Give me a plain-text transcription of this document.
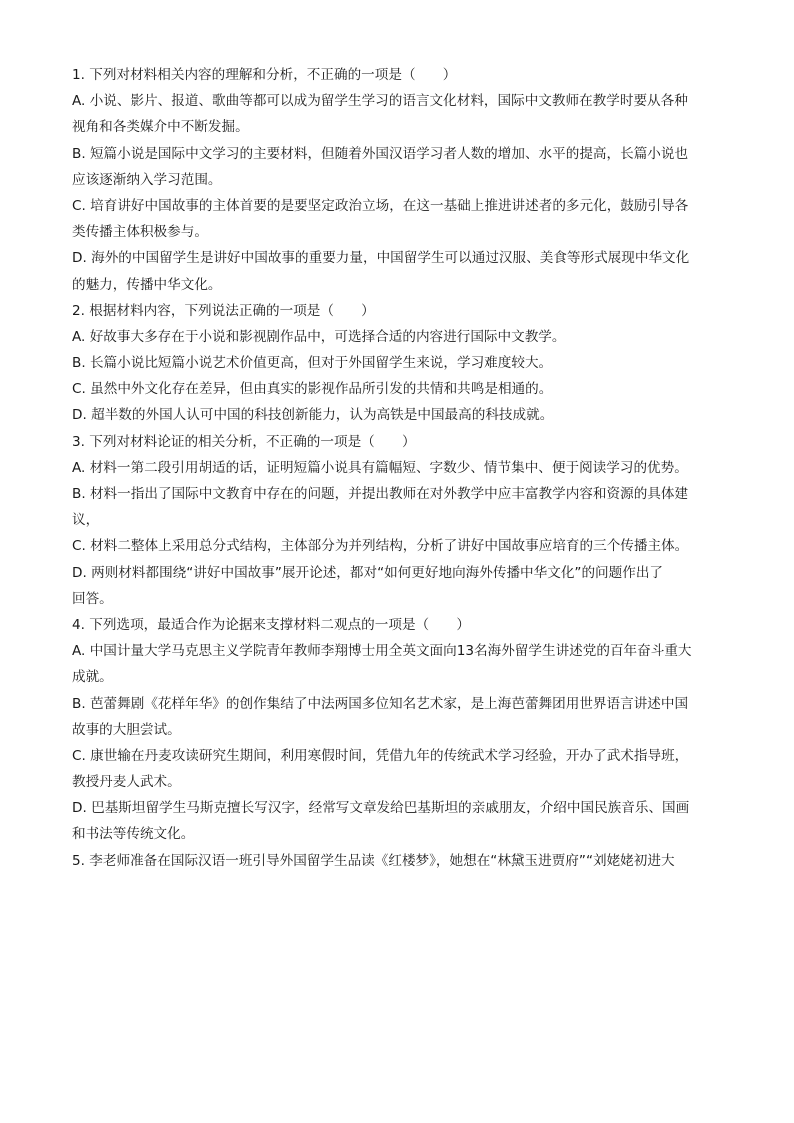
1. 下列对材料相关内容的理解和分析，不正确的一项是（　　）
A. 小说、影片、报道、歌曲等都可以成为留学生学习的语言文化材料，国际中文教师在教学时要从各种
视角和各类媒介中不断发掘。
B. 短篇小说是国际中文学习的主要材料，但随着外国汉语学习者人数的增加、水平的提高，长篇小说也
应该逐渐纳入学习范围。
C. 培育讲好中国故事的主体首要的是要坚定政治立场，在这一基础上推进讲述者的多元化，鼓励引导各
类传播主体积极参与。
D. 海外的中国留学生是讲好中国故事的重要力量，中国留学生可以通过汉服、美食等形式展现中华文化
的魅力，传播中华文化。
2. 根据材料内容，下列说法正确的一项是（　　）
A. 好故事大多存在于小说和影视剧作品中，可选择合适的内容进行国际中文教学。
B. 长篇小说比短篇小说艺术价值更高，但对于外国留学生来说，学习难度较大。
C. 虽然中外文化存在差异，但由真实的影视作品所引发的共情和共鸣是相通的。
D. 超半数的外国人认可中国的科技创新能力，认为高铁是中国最高的科技成就。
3. 下列对材料论证的相关分析，不正确的一项是（　　）
A. 材料一第二段引用胡适的话，证明短篇小说具有篇幅短、字数少、情节集中、便于阅读学习的优势。
B. 材料一指出了国际中文教育中存在的问题，并提出教师在对外教学中应丰富教学内容和资源的具体建
议，
C. 材料二整体上采用总分式结构，主体部分为并列结构，分析了讲好中国故事应培育的三个传播主体。
D. 两则材料都围绕“讲好中国故事”展开论述，都对“如何更好地向海外传播中华文化”的问题作出了
回答。
4. 下列选项，最适合作为论据来支撑材料二观点的一项是（　　）
A. 中国计量大学马克思主义学院青年教师李翔博士用全英文面向13名海外留学生讲述党的百年奋斗重大
成就。
B. 芭蕾舞剧《花样年华》的创作集结了中法两国多位知名艺术家，是上海芭蕾舞团用世界语言讲述中国
故事的大胆尝试。
C. 康世输在丹麦攻读研究生期间，利用寒假时间，凭借九年的传统武术学习经验，开办了武术指导班，
教授丹麦人武术。
D. 巴基斯坦留学生马斯克擅长写汉字，经常写文章发给巴基斯坦的亲戚朋友，介绍中国民族音乐、国画
和书法等传统文化。
5. 李老师准备在国际汉语一班引导外国留学生品读《红楼梦》，她想在“林黛玉进贾府”“刘姥姥初进大
